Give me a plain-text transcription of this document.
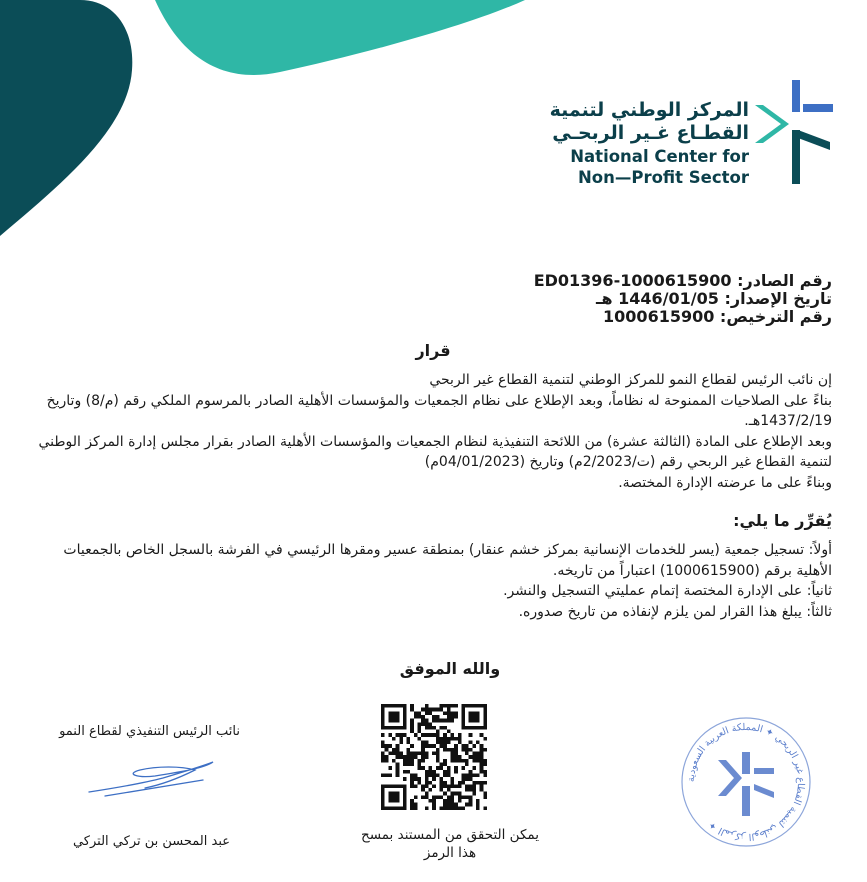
المركز الوطني لتنمية
القطـاع غـير الربحـي
National Center for
Non—Profit Sector
رقم الصادر: ED01396-1000615900
تاريخ الإصدار: 1446/01/05 هـ
رقم الترخيص: 1000615900
قرار
إن نائب الرئيس لقطاع النمو للمركز الوطني لتنمية القطاع غير الربحي
بناءً على الصلاحيات الممنوحة له نظاماً، وبعد الإطلاع على نظام الجمعيات والمؤسسات الأهلية الصادر بالمرسوم الملكي رقم (م/8) وتاريخ 1437/2/19هـ.
وبعد الإطلاع على المادة (الثالثة عشرة) من اللائحة التنفيذية لنظام الجمعيات والمؤسسات الأهلية الصادر بقرار مجلس إدارة المركز الوطني لتنمية القطاع غير الربحي رقم (ت/2/2023م) وتاريخ (04/01/2023م)
وبناءً على ما عرضته الإدارة المختصة.
يُقرِّر ما يلي:
أولاً: تسجيل جمعية (يسر للخدمات الإنسانية بمركز خشم عنقار) بمنطقة عسير ومقرها الرئيسي في الفرشة بالسجل الخاص بالجمعيات الأهلية برقم (1000615900) اعتباراً من تاريخه.
ثانياً: على الإدارة المختصة إتمام عمليتي التسجيل والنشر.
ثالثاً: يبلغ هذا القرار لمن يلزم لإنفاذه من تاريخ صدوره.
والله الموفق
يمكن التحقق من المستند بمسح هذا الرمز
نائب الرئيس التنفيذي لقطاع النمو
عبد المحسن بن تركي التركي
المركز الوطني لتنمية القطاع غير الربحي ✦ المملكة العربية السعودية ✦
